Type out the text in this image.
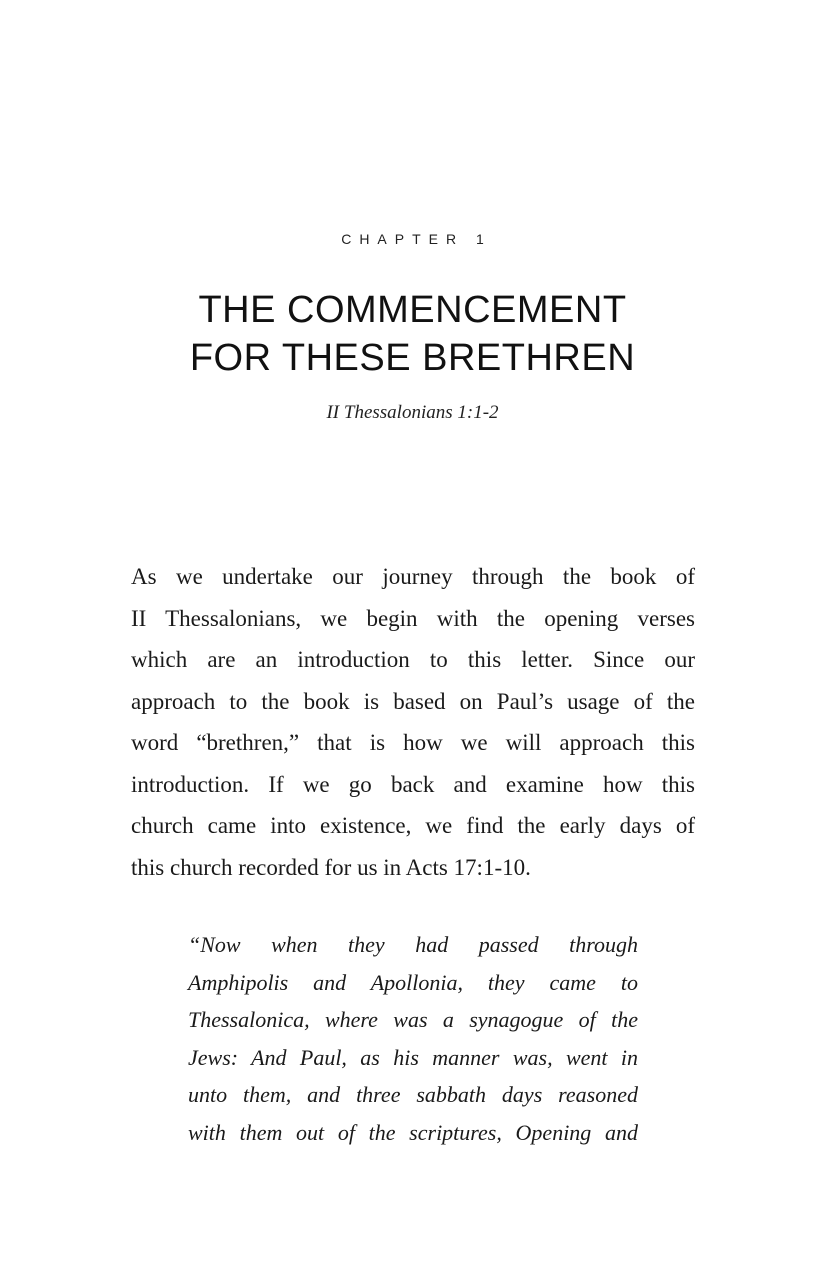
CHAPTER 1
THE COMMENCEMENT
FOR THESE BRETHREN
II Thessalonians 1:1-2
As we undertake our journey through the book of
II Thessalonians, we begin with the opening verses
which are an introduction to this letter. Since our
approach to the book is based on Paul’s usage of the
word “brethren,” that is how we will approach this
introduction. If we go back and examine how this
church came into existence, we find the early days of
this church recorded for us in Acts 17:1-10.
“Now when they had passed through
Amphipolis and Apollonia, they came to
Thessalonica, where was a synagogue of the
Jews: And Paul, as his manner was, went in
unto them, and three sabbath days reasoned
with them out of the scriptures, Opening and
